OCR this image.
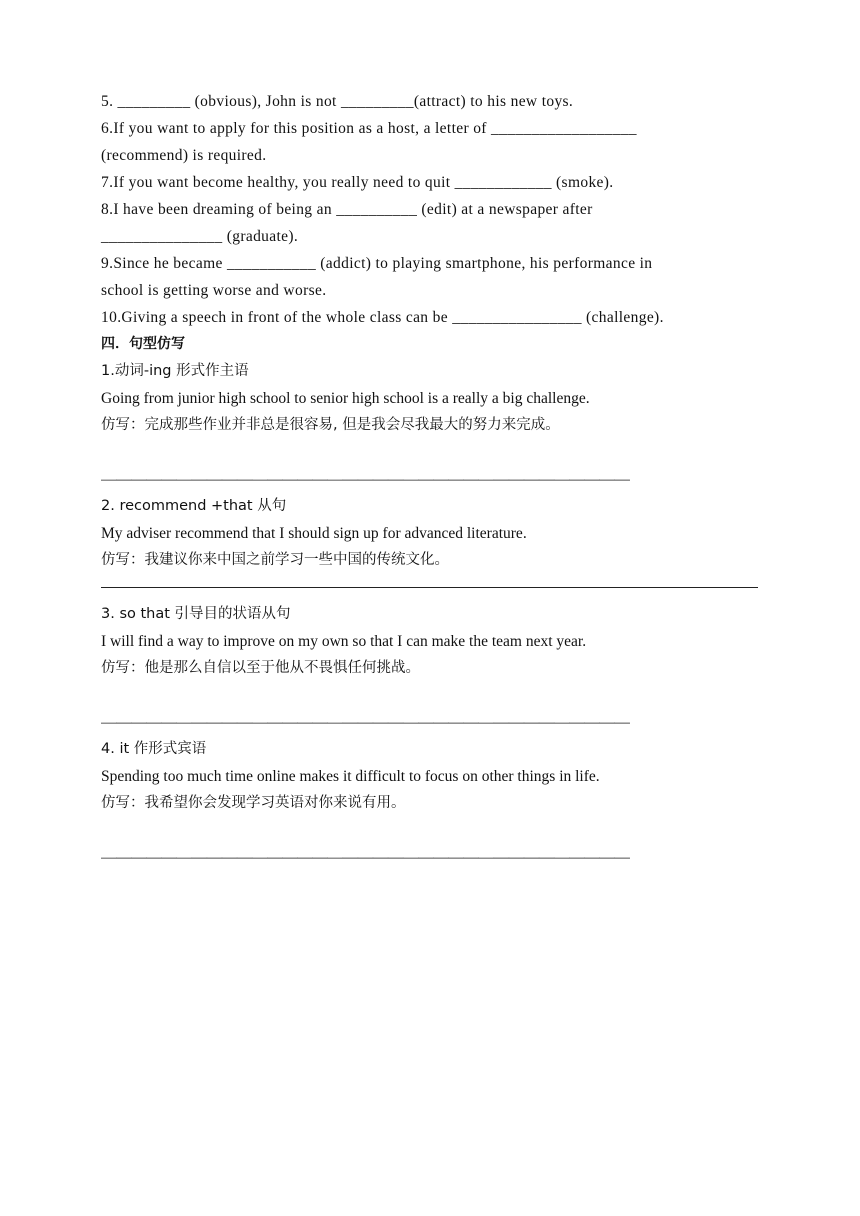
5. _________ (obvious), John is not _________(attract) to his new toys.
6.If you want to apply for this position as a host, a letter of __________________
(recommend) is required.
7.If you want become healthy, you really need to quit ____________ (smoke).
8.I have been dreaming of being an __________ (edit) at a newspaper after
_______________ (graduate).
9.Since he became ___________ (addict) to playing smartphone, his performance in
school is getting worse and worse.
10.Giving a speech in front of the whole class can be ________________ (challenge).
四．句型仿写
1.动词-ing 形式作主语
Going from junior high school to senior high school is a really a big challenge.
仿写：完成那些作业并非总是很容易, 但是我会尽我最大的努力来完成。
———————————————————————————————————
2. recommend +that 从句
My adviser recommend that I should sign up for advanced literature.
仿写：我建议你来中国之前学习一些中国的传统文化。
3. so that 引导目的状语从句
I will find a way to improve on my own so that I can make the team next year.
仿写：他是那么自信以至于他从不畏惧任何挑战。
———————————————————————————————————
4. it 作形式宾语
Spending too much time online makes it difficult to focus on other things in life.
仿写：我希望你会发现学习英语对你来说有用。
———————————————————————————————————
